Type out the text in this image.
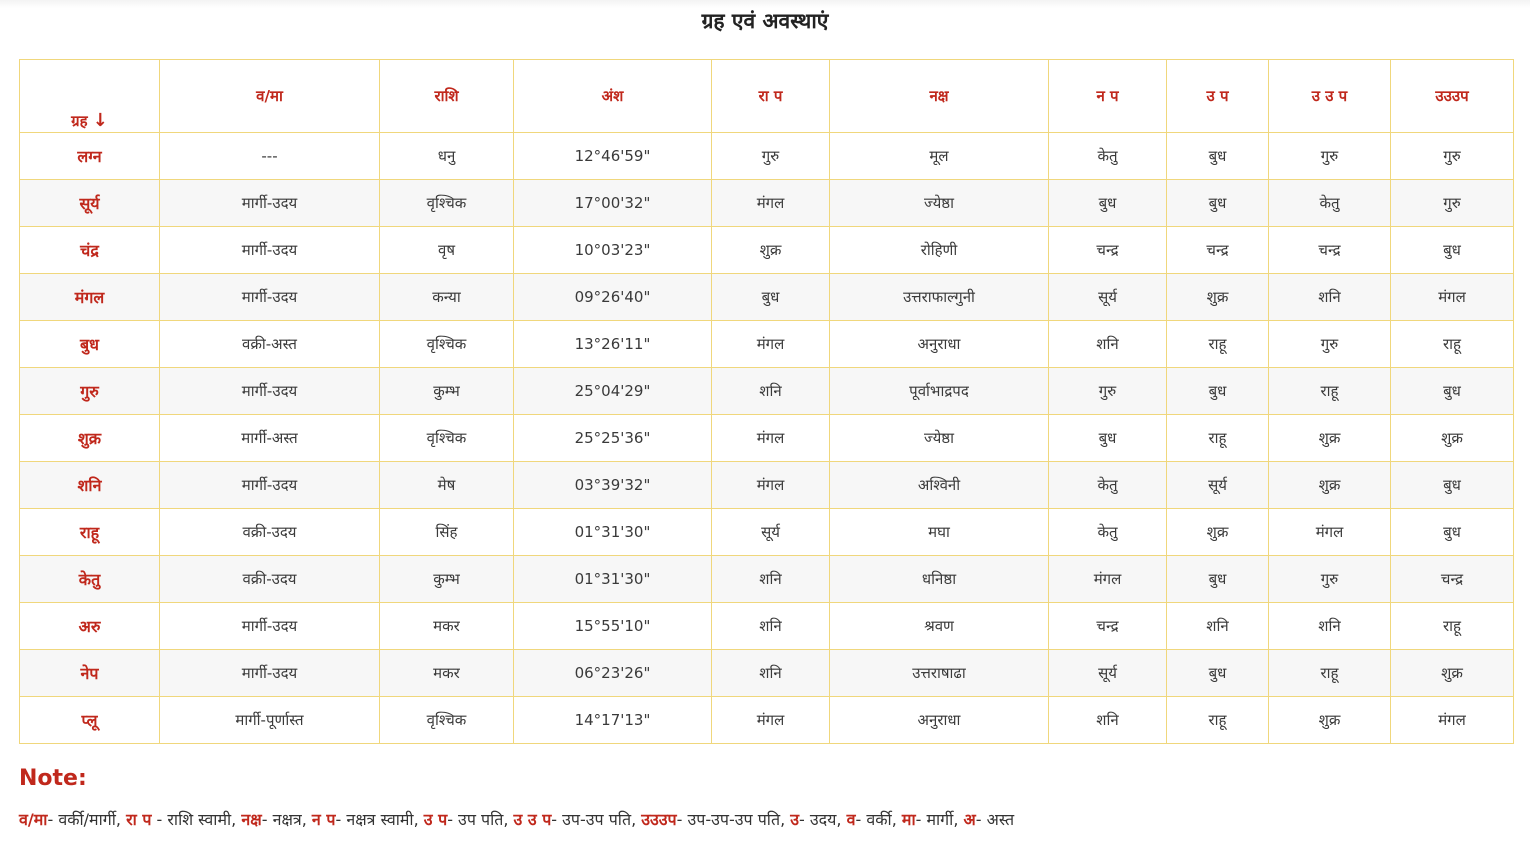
ग्रह एवं अवस्थाएं
ग्रह ↓	व/मा	राशि	अंश	रा प	नक्ष	न प	उ प	उ उ प	उउउप
लग्न	---	धनु	12°46'59"	गुरु	मूल	केतु	बुध	गुरु	गुरु
सूर्य	मार्गी-उदय	वृश्चिक	17°00'32"	मंगल	ज्येष्ठा	बुध	बुध	केतु	गुरु
चंद्र	मार्गी-उदय	वृष	10°03'23"	शुक्र	रोहिणी	चन्द्र	चन्द्र	चन्द्र	बुध
मंगल	मार्गी-उदय	कन्या	09°26'40"	बुध	उत्तराफाल्गुनी	सूर्य	शुक्र	शनि	मंगल
बुध	वक्री-अस्त	वृश्चिक	13°26'11"	मंगल	अनुराधा	शनि	राहू	गुरु	राहू
गुरु	मार्गी-उदय	कुम्भ	25°04'29"	शनि	पूर्वाभाद्रपद	गुरु	बुध	राहू	बुध
शुक्र	मार्गी-अस्त	वृश्चिक	25°25'36"	मंगल	ज्येष्ठा	बुध	राहू	शुक्र	शुक्र
शनि	मार्गी-उदय	मेष	03°39'32"	मंगल	अश्विनी	केतु	सूर्य	शुक्र	बुध
राहू	वक्री-उदय	सिंह	01°31'30"	सूर्य	मघा	केतु	शुक्र	मंगल	बुध
केतु	वक्री-उदय	कुम्भ	01°31'30"	शनि	धनिष्ठा	मंगल	बुध	गुरु	चन्द्र
अरु	मार्गी-उदय	मकर	15°55'10"	शनि	श्रवण	चन्द्र	शनि	शनि	राहू
नेप	मार्गी-उदय	मकर	06°23'26"	शनि	उत्तराषाढा	सूर्य	बुध	राहू	शुक्र
प्लू	मार्गी-पूर्णास्त	वृश्चिक	14°17'13"	मंगल	अनुराधा	शनि	राहू	शुक्र	मंगल
Note:
व/मा- वर्की/मार्गी, रा प - राशि स्वामी, नक्ष- नक्षत्र, न प- नक्षत्र स्वामी, उ प- उप पति, उ उ प- उप-उप पति, उउउप- उप-उप-उप पति, उ- उदय, व- वर्की, मा- मार्गी, अ- अस्त
